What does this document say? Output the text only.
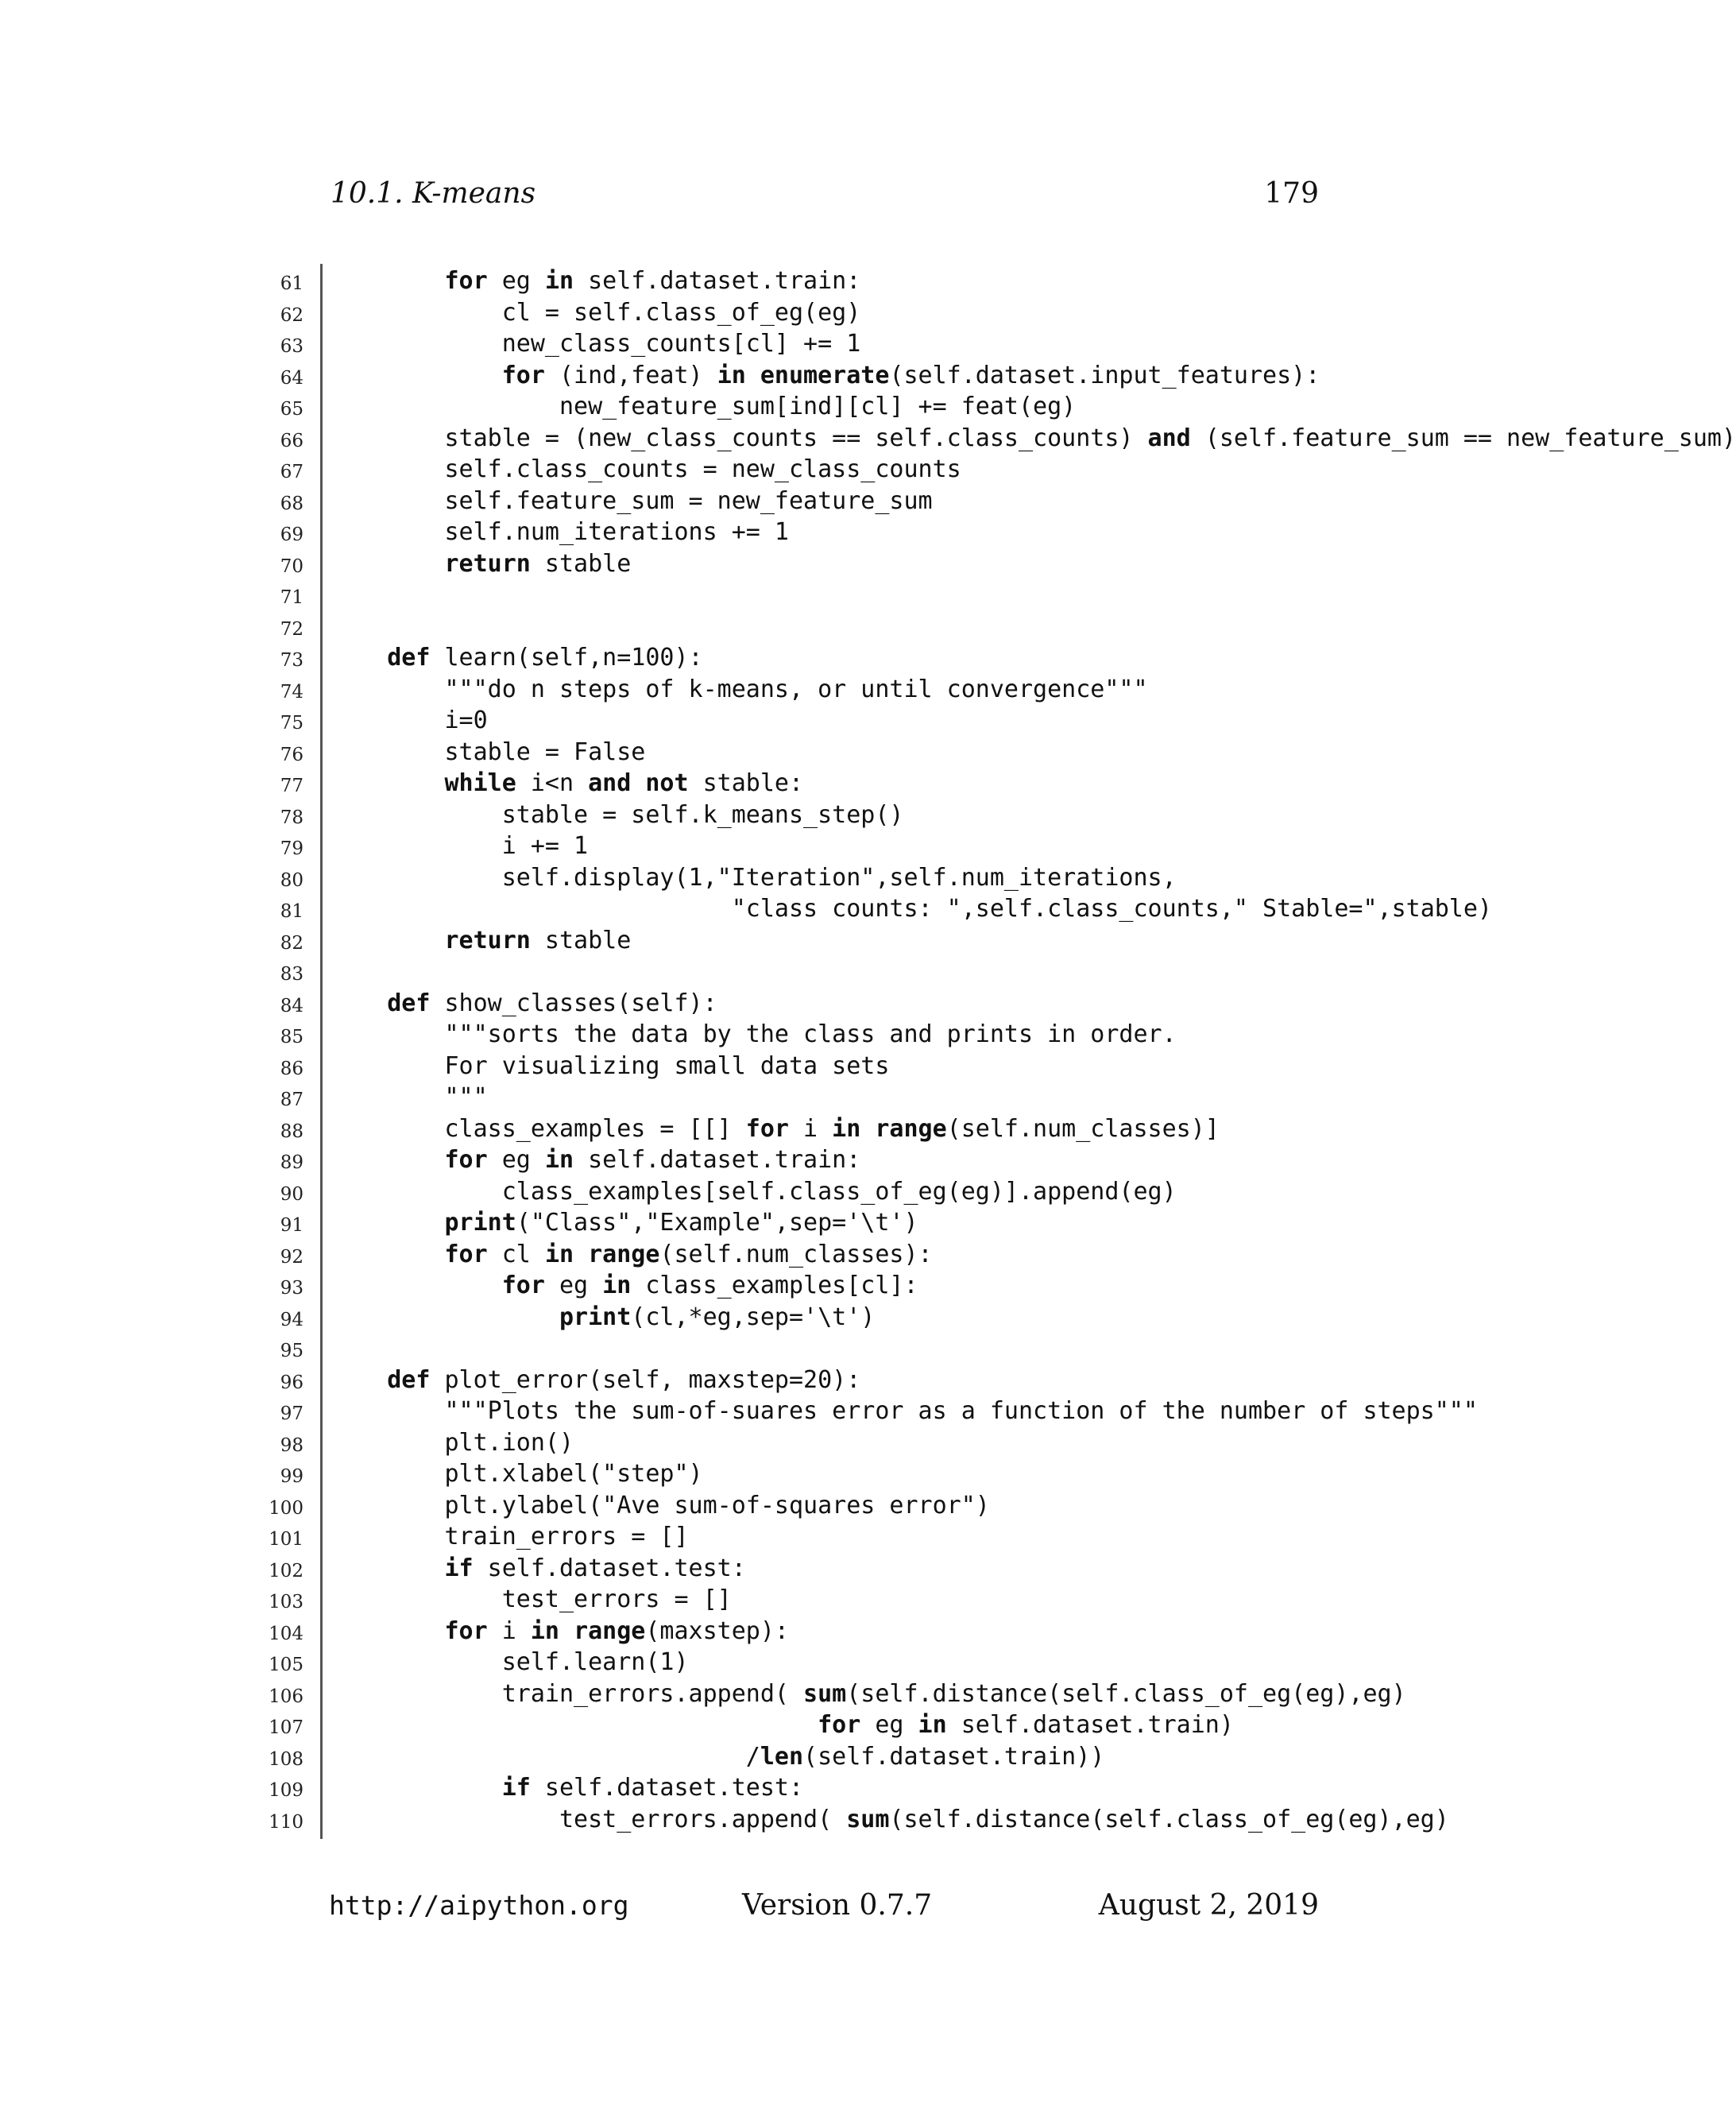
10.1. K-means	179
61	for eg in self.dataset.train:
62	cl = self.class_of_eg(eg)
63	new_class_counts[cl] += 1
64	for (ind,feat) in enumerate(self.dataset.input_features):
65	new_feature_sum[ind][cl] += feat(eg)
66	stable = (new_class_counts == self.class_counts) and (self.feature_sum == new_feature_sum)
67	self.class_counts = new_class_counts
68	self.feature_sum = new_feature_sum
69	self.num_iterations += 1
70	return stable
71
72
73	def learn(self,n=100):
74	"""do n steps of k-means, or until convergence"""
75	i=0
76	stable = False
77	while i<n and not stable:
78	stable = self.k_means_step()
79	i += 1
80	self.display(1,"Iteration",self.num_iterations,
81	"class counts: ",self.class_counts," Stable=",stable)
82	return stable
83
84	def show_classes(self):
85	"""sorts the data by the class and prints in order.
86	For visualizing small data sets
87	"""
88	class_examples = [[] for i in range(self.num_classes)]
89	for eg in self.dataset.train:
90	class_examples[self.class_of_eg(eg)].append(eg)
91	print("Class","Example",sep='\t')
92	for cl in range(self.num_classes):
93	for eg in class_examples[cl]:
94	print(cl,*eg,sep='\t')
95
96	def plot_error(self, maxstep=20):
97	"""Plots the sum-of-suares error as a function of the number of steps"""
98	plt.ion()
99	plt.xlabel("step")
100	plt.ylabel("Ave sum-of-squares error")
101	train_errors = []
102	if self.dataset.test:
103	test_errors = []
104	for i in range(maxstep):
105	self.learn(1)
106	train_errors.append( sum(self.distance(self.class_of_eg(eg),eg)
107	for eg in self.dataset.train)
108	/len(self.dataset.train))
109	if self.dataset.test:
110	test_errors.append( sum(self.distance(self.class_of_eg(eg),eg)
http://aipython.org	Version 0.7.7	August 2, 2019
